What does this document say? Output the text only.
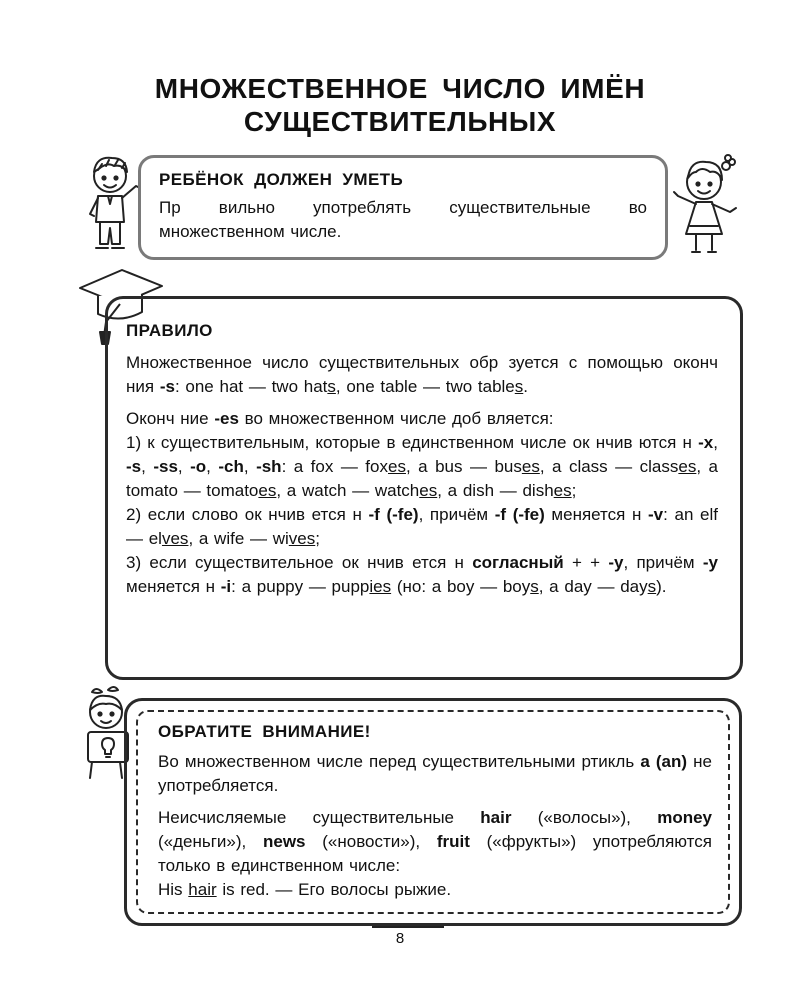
МНОЖЕСТВЕННОЕ ЧИСЛО ИМЁН
СУЩЕСТВИТЕЛЬНЫХ
РЕБЁНОК ДОЛЖЕН УМЕТЬ

Пр вильно употреблять существительные во множественном числе.

ПРАВИЛО

Множественное число существительных обр зуется с помощью оконч ния -s: one hat — two hats, one table — two tables.

Оконч ние -es во множественном числе доб вляется:

1) к существительным, которые в единственном числе ок нчив ются н -x, -s, -ss, -o, -ch, -sh: a fox — foxes, a bus — buses, a class — classes, a tomato — tomatoes, a watch — watches, a dish — dishes;

2) если слово ок нчив ется н -f (-fe), причём -f (-fe) меняется н -v: an elf — elves, a wife — wives;

3) если существительное ок нчив ется н согласный + + -y, причём -y меняется н -i: a puppy — puppies (но: a boy — boys, a day — days).

ОБРАТИТЕ ВНИМАНИЕ!

Во множественном числе перед существительными ртикль a (an) не употребляется.

Неисчисляемые существительные hair («волосы»), money («деньги»), news («новости»), fruit («фрукты») употребляются только в единственном числе:

His hair is red. — Его волосы рыжие.

8
